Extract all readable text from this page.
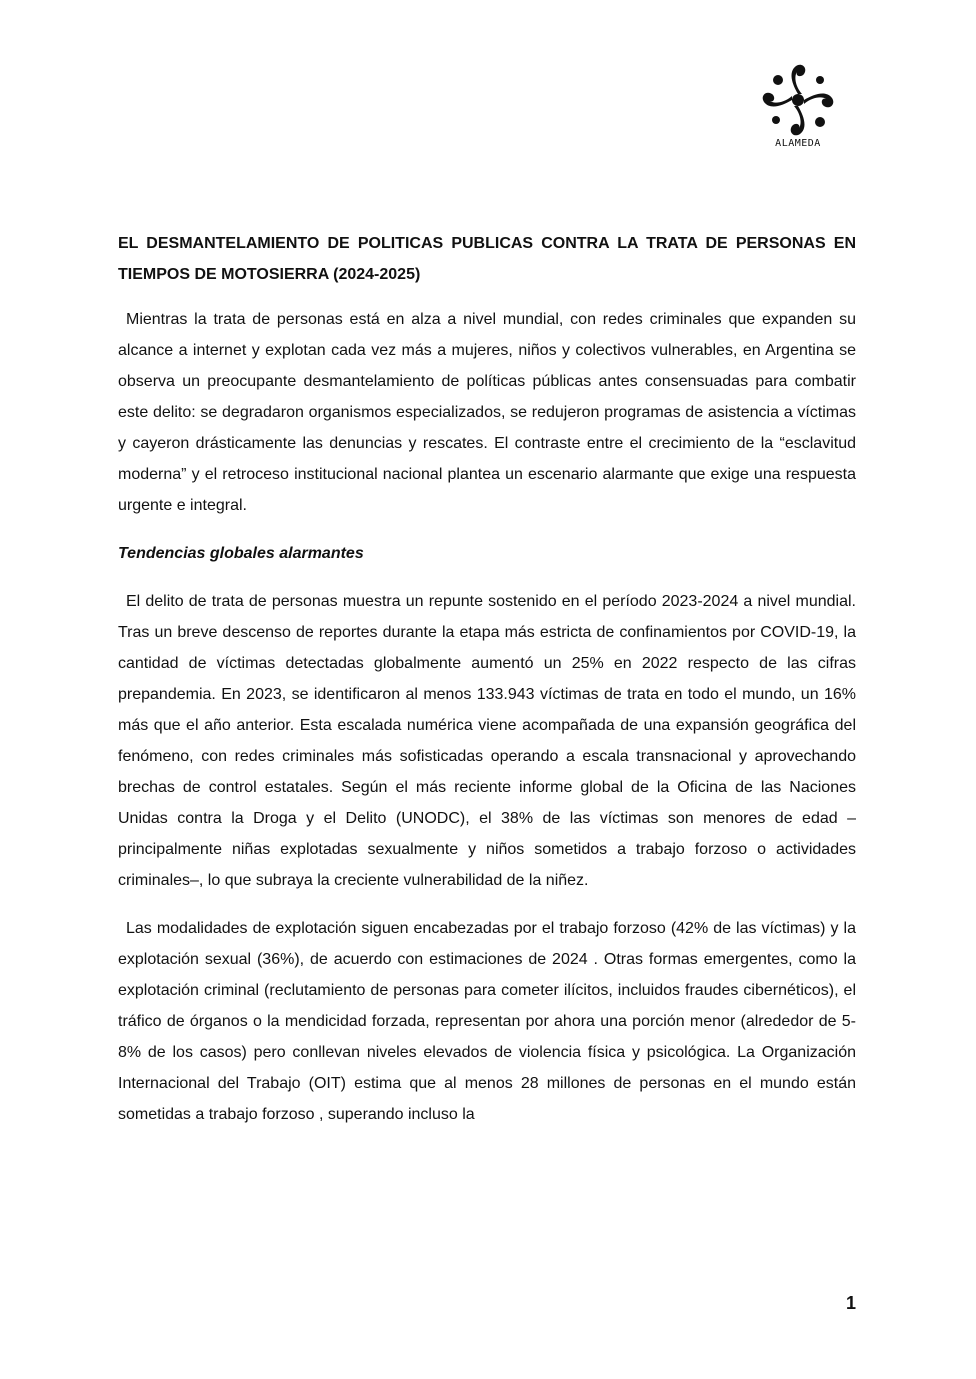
ALAMEDA

EL DESMANTELAMIENTO DE POLITICAS PUBLICAS CONTRA LA TRATA DE PERSONAS EN TIEMPOS DE MOTOSIERRA (2024-2025)

Mientras la trata de personas está en alza a nivel mundial, con redes criminales que expanden su alcance a internet y explotan cada vez más a mujeres, niños y colectivos vulnerables, en Argentina se observa un preocupante desmantelamiento de políticas públicas antes consensuadas para combatir este delito: se degradaron organismos especializados, se redujeron programas de asistencia a víctimas y cayeron drásticamente las denuncias y rescates. El contraste entre el crecimiento de la “esclavitud moderna” y el retroceso institucional nacional plantea un escenario alarmante que exige una respuesta urgente e integral.

Tendencias globales alarmantes

El delito de trata de personas muestra un repunte sostenido en el período 2023-2024 a nivel mundial. Tras un breve descenso de reportes durante la etapa más estricta de confinamientos por COVID-19, la cantidad de víctimas detectadas globalmente aumentó un 25% en 2022 respecto de las cifras prepandemia. En 2023, se identificaron al menos 133.943 víctimas de trata en todo el mundo, un 16% más que el año anterior. Esta escalada numérica viene acompañada de una expansión geográfica del fenómeno, con redes criminales más sofisticadas operando a escala transnacional y aprovechando brechas de control estatales. Según el más reciente informe global de la Oficina de las Naciones Unidas contra la Droga y el Delito (UNODC), el 38% de las víctimas son menores de edad –principalmente niñas explotadas sexualmente y niños sometidos a trabajo forzoso o actividades criminales–, lo que subraya la creciente vulnerabilidad de la niñez.

Las modalidades de explotación siguen encabezadas por el trabajo forzoso (42% de las víctimas) y la explotación sexual (36%), de acuerdo con estimaciones de 2024 . Otras formas emergentes, como la explotación criminal (reclutamiento de personas para cometer ilícitos, incluidos fraudes cibernéticos), el tráfico de órganos o la mendicidad forzada, representan por ahora una porción menor (alrededor de 5-8% de los casos) pero conllevan niveles elevados de violencia física y psicológica. La Organización Internacional del Trabajo (OIT) estima que al menos 28 millones de personas en el mundo están sometidas a trabajo forzoso , superando incluso la

1
